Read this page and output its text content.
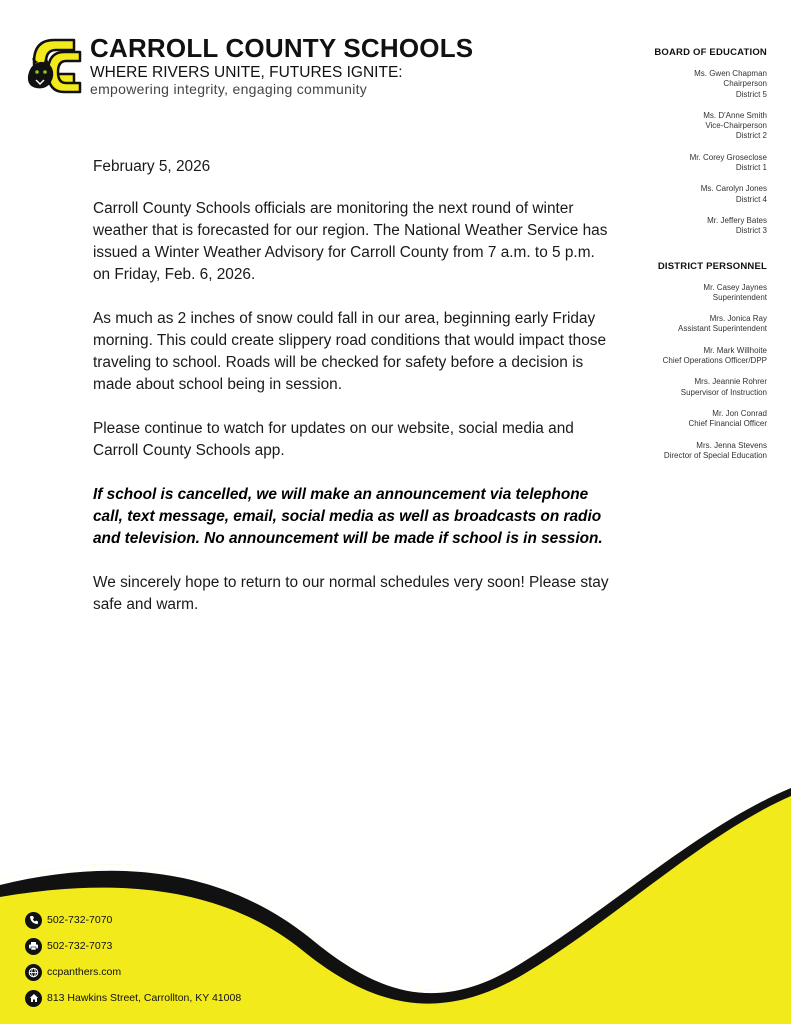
CC
CARROLL COUNTY SCHOOLS
WHERE RIVERS UNITE, FUTURES IGNITE:
empowering integrity, engaging community
BOARD OF EDUCATION
Ms. Gwen Chapman
Chairperson
District 5
Ms. D'Anne Smith
Vice-Chairperson
District 2
Mr. Corey Groseclose
District 1
Ms. Carolyn Jones
District 4
Mr. Jeffery Bates
District 3
DISTRICT PERSONNEL
Mr. Casey Jaynes
Superintendent
Mrs. Jonica Ray
Assistant Superintendent
Mr. Mark Willhoite
Chief Operations Officer/DPP
Mrs. Jeannie Rohrer
Supervisor of Instruction
Mr. Jon Conrad
Chief Financial Officer
Mrs. Jenna Stevens
Director of Special Education

February 5, 2026

Carroll County Schools officials are monitoring the next round of winter weather that is forecasted for our region. The National Weather Service has issued a Winter Weather Advisory for Carroll County from 7 a.m. to 5 p.m. on Friday, Feb. 6, 2026.

As much as 2 inches of snow could fall in our area, beginning early Friday morning. This could create slippery road conditions that would impact those traveling to school. Roads will be checked for safety before a decision is made about school being in session.

Please continue to watch for updates on our website, social media and Carroll County Schools app.

If school is cancelled, we will make an announcement via telephone call, text message, email, social media as well as broadcasts on radio and television. No announcement will be made if school is in session.

We sincerely hope to return to our normal schedules very soon! Please stay safe and warm.

502-732-7070
502-732-7073
ccpanthers.com
813 Hawkins Street, Carrollton, KY 41008
